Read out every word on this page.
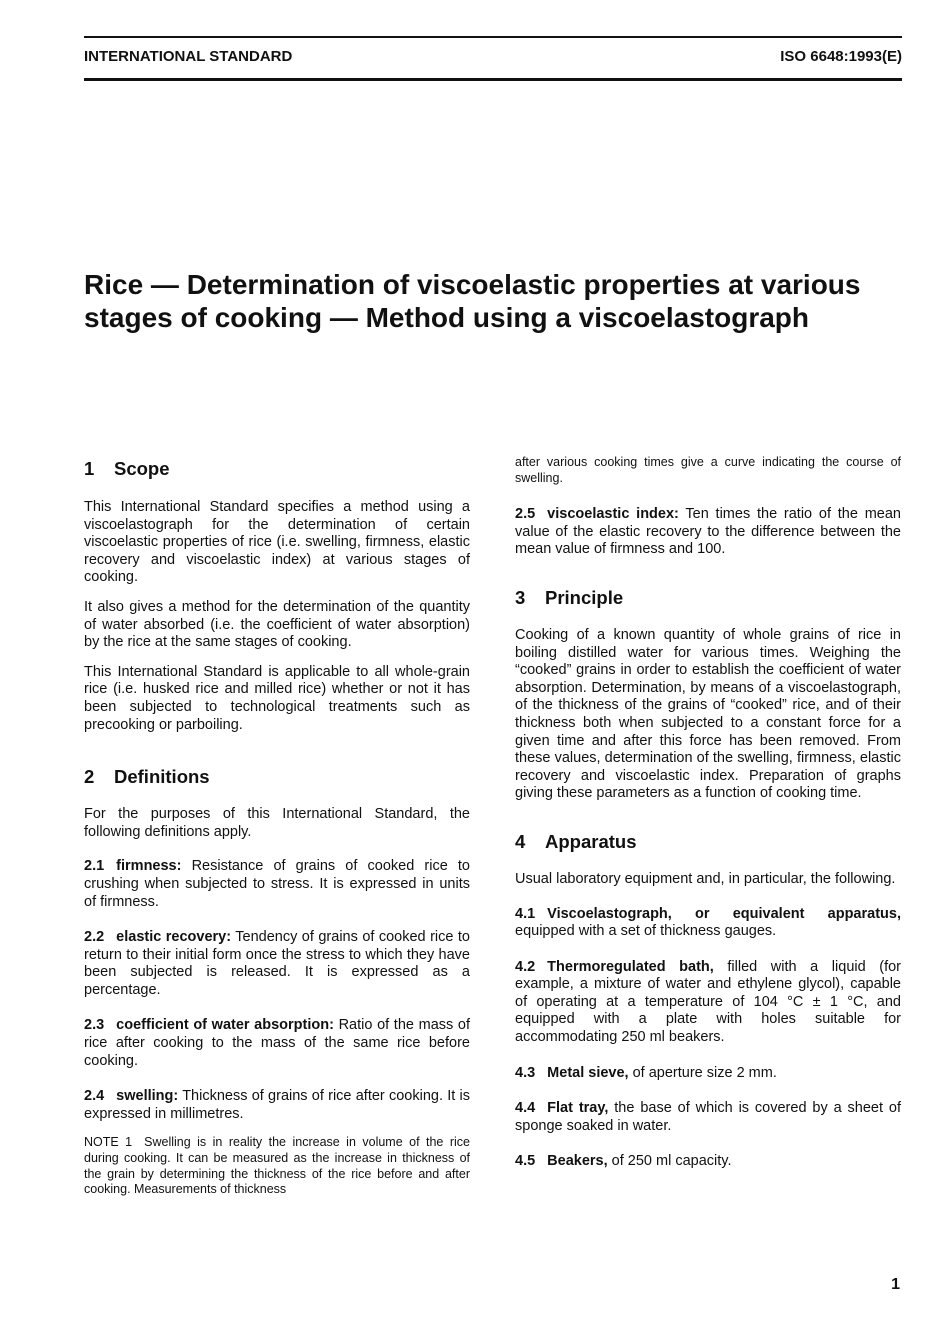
INTERNATIONAL STANDARD	ISO 6648:1993(E)
Rice — Determination of viscoelastic properties at various stages of cooking — Method using a viscoelastograph
1 Scope

This International Standard specifies a method using a viscoelastograph for the determination of certain viscoelastic properties of rice (i.e. swelling, firmness, elastic recovery and viscoelastic index) at various stages of cooking.

It also gives a method for the determination of the quantity of water absorbed (i.e. the coefficient of water absorption) by the rice at the same stages of cooking.

This International Standard is applicable to all whole-grain rice (i.e. husked rice and milled rice) whether or not it has been subjected to technological treatments such as precooking or parboiling.

2 Definitions

For the purposes of this International Standard, the following definitions apply.

2.1 firmness: Resistance of grains of cooked rice to crushing when subjected to stress. It is expressed in units of firmness.

2.2 elastic recovery: Tendency of grains of cooked rice to return to their initial form once the stress to which they have been subjected is released. It is expressed as a percentage.

2.3 coefficient of water absorption: Ratio of the mass of rice after cooking to the mass of the same rice before cooking.

2.4 swelling: Thickness of grains of rice after cooking. It is expressed in millimetres.

NOTE 1 Swelling is in reality the increase in volume of the rice during cooking. It can be measured as the increase in thickness of the grain by determining the thickness of the rice before and after cooking. Measurements of thickness

after various cooking times give a curve indicating the course of swelling.

2.5 viscoelastic index: Ten times the ratio of the mean value of the elastic recovery to the difference between the mean value of firmness and 100.

3 Principle

Cooking of a known quantity of whole grains of rice in boiling distilled water for various times. Weighing the “cooked” grains in order to establish the coefficient of water absorption. Determination, by means of a viscoelastograph, of the thickness of the grains of “cooked” rice, and of their thickness both when subjected to a constant force for a given time and after this force has been removed. From these values, determination of the swelling, firmness, elastic recovery and viscoelastic index. Preparation of graphs giving these parameters as a function of cooking time.

4 Apparatus

Usual laboratory equipment and, in particular, the following.

4.1 Viscoelastograph, or equivalent apparatus, equipped with a set of thickness gauges.

4.2 Thermoregulated bath, filled with a liquid (for example, a mixture of water and ethylene glycol), capable of operating at a temperature of 104 °C ± 1 °C, and equipped with a plate with holes suitable for accommodating 250 ml beakers.

4.3 Metal sieve, of aperture size 2 mm.

4.4 Flat tray, the base of which is covered by a sheet of sponge soaked in water.

4.5 Beakers, of 250 ml capacity.

1
